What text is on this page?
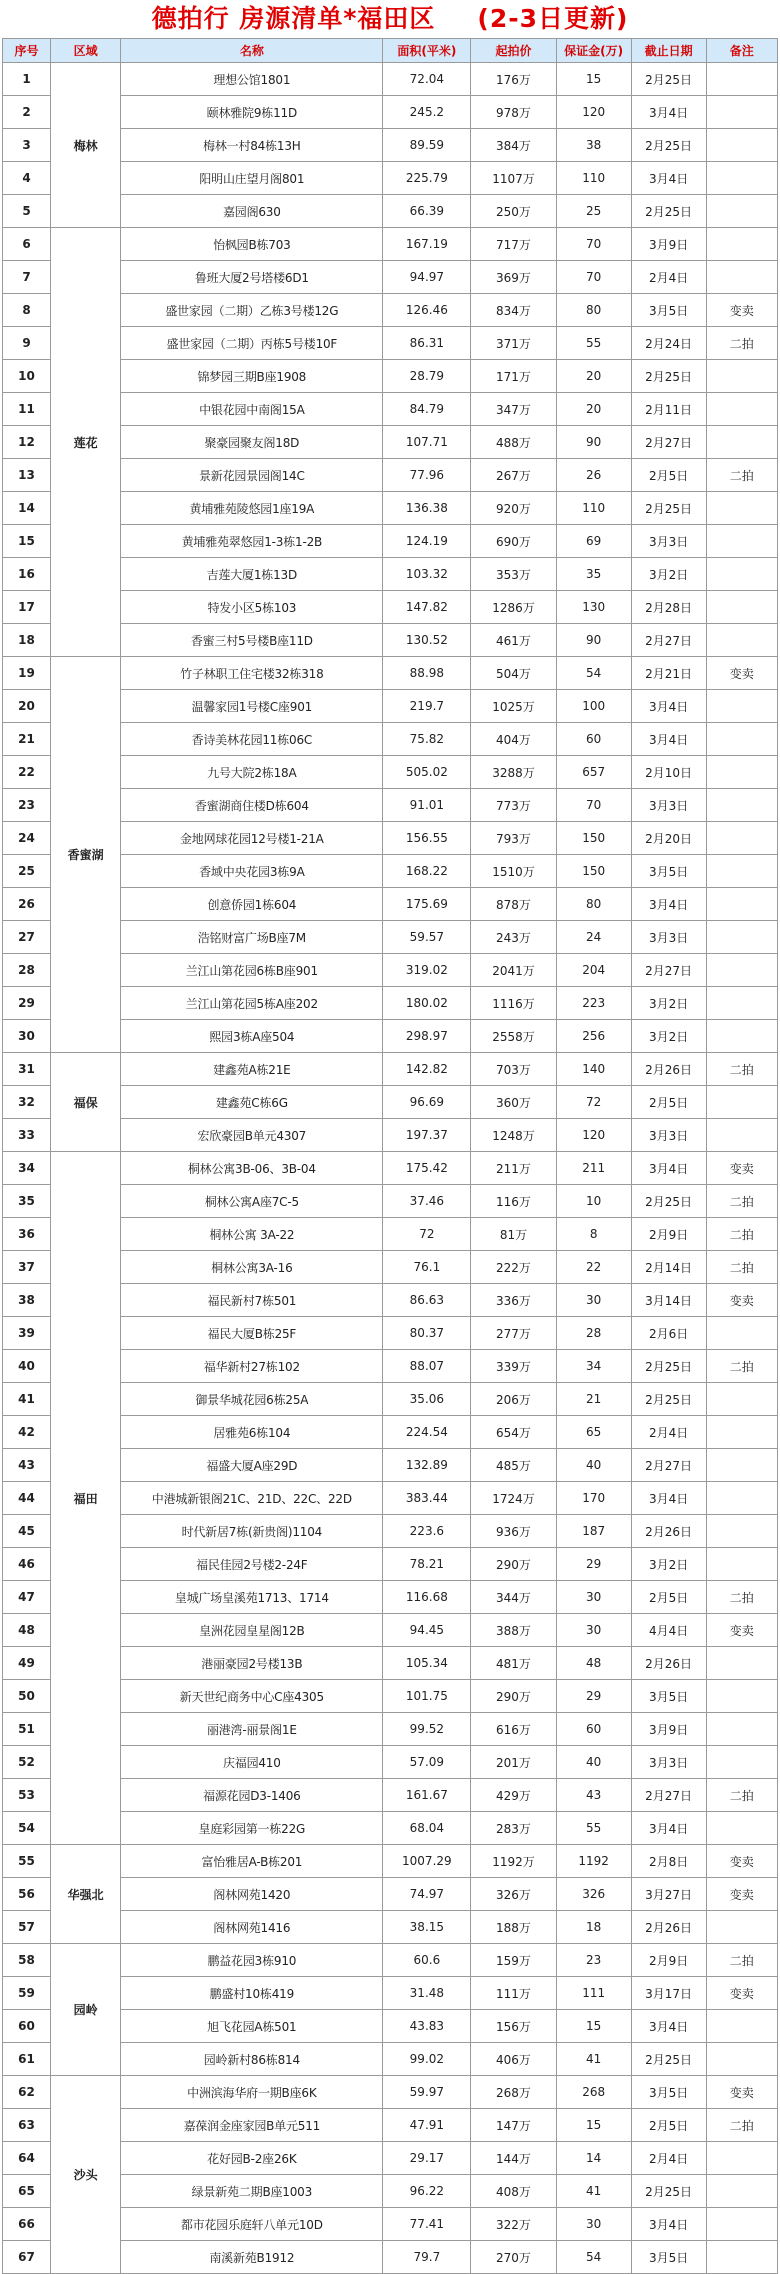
德拍行 房源清单*福田区 (2-3日更新)
序号	区域	名称	面积(平米)	起拍价	保证金(万)	截止日期	备注
1	梅林	理想公馆1801	72.04	176万	15	2月25日	
2		颐林雅院9栋11D	245.2	978万	120	3月4日	
3		梅林一村84栋13H	89.59	384万	38	2月25日	
4		阳明山庄望月阁801	225.79	1107万	110	3月4日	
5		嘉园阁630	66.39	250万	25	2月25日	
6	莲花	怡枫园B栋703	167.19	717万	70	3月9日	
7		鲁班大厦2号塔楼6D1	94.97	369万	70	2月4日	
8		盛世家园（二期）乙栋3号楼12G	126.46	834万	80	3月5日	变卖
9		盛世家园（二期）丙栋5号楼10F	86.31	371万	55	2月24日	二拍
10		锦梦园三期B座1908	28.79	171万	20	2月25日	
11		中银花园中南阁15A	84.79	347万	20	2月11日	
12		聚豪园聚友阁18D	107.71	488万	90	2月27日	
13		景新花园景园阁14C	77.96	267万	26	2月5日	二拍
14		黄埔雅苑陵悠园1座19A	136.38	920万	110	2月25日	
15		黄埔雅苑翠悠园1-3栋1-2B	124.19	690万	69	3月3日	
16		吉莲大厦1栋13D	103.32	353万	35	3月2日	
17		特发小区5栋103	147.82	1286万	130	2月28日	
18		香蜜三村5号楼B座11D	130.52	461万	90	2月27日	
19	香蜜湖	竹子林职工住宅楼32栋318	88.98	504万	54	2月21日	变卖
20		温馨家园1号楼C座901	219.7	1025万	100	3月4日	
21		香诗美林花园11栋06C	75.82	404万	60	3月4日	
22		九号大院2栋18A	505.02	3288万	657	2月10日	
23		香蜜湖商住楼D栋604	91.01	773万	70	3月3日	
24		金地网球花园12号楼1-21A	156.55	793万	150	2月20日	
25		香域中央花园3栋9A	168.22	1510万	150	3月5日	
26		创意侨园1栋604	175.69	878万	80	3月4日	
27		浩铭财富广场B座7M	59.57	243万	24	3月3日	
28		兰江山第花园6栋B座901	319.02	2041万	204	2月27日	
29		兰江山第花园5栋A座202	180.02	1116万	223	3月2日	
30		熙园3栋A座504	298.97	2558万	256	3月2日	
31	福保	建鑫苑A栋21E	142.82	703万	140	2月26日	二拍
32		建鑫苑C栋6G	96.69	360万	72	2月5日	
33		宏欣豪园B单元4307	197.37	1248万	120	3月3日	
34	福田	桐林公寓3B-06、3B-04	175.42	211万	211	3月4日	变卖
35		桐林公寓A座7C-5	37.46	116万	10	2月25日	二拍
36		桐林公寓 3A-22	72	81万	8	2月9日	二拍
37		桐林公寓3A-16	76.1	222万	22	2月14日	二拍
38		福民新村7栋501	86.63	336万	30	3月14日	变卖
39		福民大厦B栋25F	80.37	277万	28	2月6日	
40		福华新村27栋102	88.07	339万	34	2月25日	二拍
41		御景华城花园6栋25A	35.06	206万	21	2月25日	
42		居雅苑6栋104	224.54	654万	65	2月4日	
43		福盛大厦A座29D	132.89	485万	40	2月27日	
44		中港城新银阁21C、21D、22C、22D	383.44	1724万	170	3月4日	
45		时代新居7栋(新贵阁)1104	223.6	936万	187	2月26日	
46		福民佳园2号楼2-24F	78.21	290万	29	3月2日	
47		皇城广场皇溪苑1713、1714	116.68	344万	30	2月5日	二拍
48		皇洲花园皇星阁12B	94.45	388万	30	4月4日	变卖
49		港丽豪园2号楼13B	105.34	481万	48	2月26日	
50		新天世纪商务中心C座4305	101.75	290万	29	3月5日	
51		丽港湾-丽景阁1E	99.52	616万	60	3月9日	
52		庆福园410	57.09	201万	40	3月3日	
53		福源花园D3-1406	161.67	429万	43	2月27日	二拍
54		皇庭彩园第一栋22G	68.04	283万	55	3月4日	
55	华强北	富怡雅居A-B栋201	1007.29	1192万	1192	2月8日	变卖
56		阁林网苑1420	74.97	326万	326	3月27日	变卖
57		阁林网苑1416	38.15	188万	18	2月26日	
58	园岭	鹏益花园3栋910	60.6	159万	23	2月9日	二拍
59		鹏盛村10栋419	31.48	111万	111	3月17日	变卖
60		旭飞花园A栋501	43.83	156万	15	3月4日	
61		园岭新村86栋814	99.02	406万	41	2月25日	
62	沙头	中洲滨海华府一期B座6K	59.97	268万	268	3月5日	变卖
63		嘉葆润金座家园B单元511	47.91	147万	15	2月5日	二拍
64		花好园B-2座26K	29.17	144万	14	2月4日	
65		绿景新苑二期B座1003	96.22	408万	41	2月25日	
66		都市花园乐庭轩八单元10D	77.41	322万	30	3月4日	
67		南溪新苑B1912	79.7	270万	54	3月5日	
